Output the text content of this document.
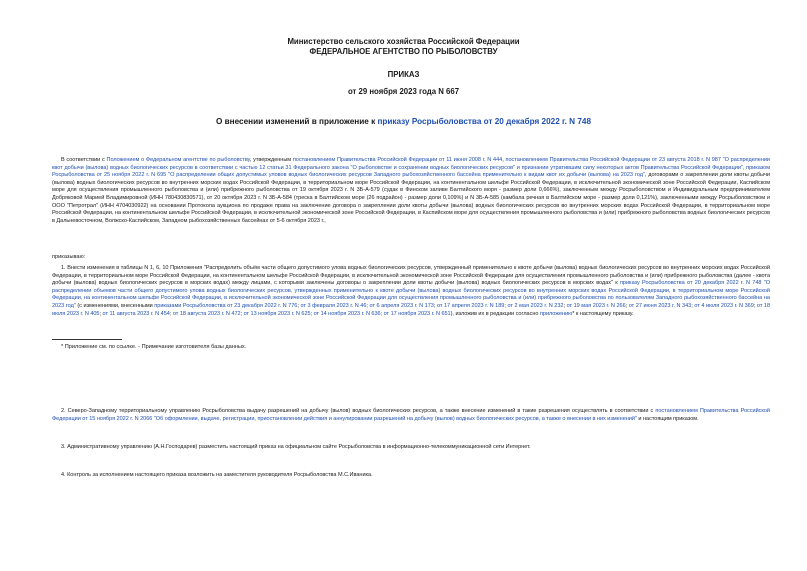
Министерство сельского хозяйства Российской Федерации
ФЕДЕРАЛЬНОЕ АГЕНТСТВО ПО РЫБОЛОВСТВУ
ПРИКАЗ
от 29 ноября 2023 года N 667
О внесении изменений в приложение к приказу Росрыболовства от 20 декабря 2022 г. N 748
В соответствии с Положением о Федеральном агентстве по рыболовству, утвержденным постановлением Правительства Российской Федерации от 11 июня 2008 г. N 444, постановлением Правительства Российской Федерации от 23 августа 2018 г. N 987 "О распределении квот добычи (вылова) водных биологических ресурсов в соответствии с частью 12 статьи 31 Федерального закона "О рыболовстве и сохранении водных биологических ресурсов" и признании утратившим силу некоторых актов Правительства Российской Федерации", приказом Росрыболовства от 25 ноября 2022 г. N 695 "О распределении общих допустимых уловов водных биологических ресурсов Западного рыбохозяйственного бассейна применительно к видам квот их добычи (вылова) на 2023 год", договорами о закреплении доли квоты добычи (вылова) водных биологических ресурсов во внутренних морских водах Российской Федерации, в территориальном море Российской Федерации, на континентальном шельфе Российской Федерации, в исключительной экономической зоне Российской Федерации, Каспийском море для осуществления промышленного рыболовства и (или) прибрежного рыболовства от 19 октября 2023 г. N 3Б-А-579 (судак в Финском заливе Балтийского моря - размер доли 0,666%), заключенным между Росрыболовством и Индивидуальным предпринимателем Добряковой Марией Владимировной (ИНН 780430830571), от 20 октября 2023 г. N 3Б-А-584 (треска в Балтийском море (26 подрайон) - размер доли 0,109%) и N 3Б-А-585 (камбала речная в Балтийском море - размер доли 0,121%), заключенными между Росрыболовством и ООО "Петротрал" (ИНН 4704030922) на основании Протокола аукциона по продаже права на заключение договора о закреплении доли квоты добычи (вылова) водных биологических ресурсов во внутренних морских водах Российской Федерации, в территориальном море Российской Федерации, на континентальном шельфе Российской Федерации, в исключительной экономической зоне Российской Федерации, в Каспийском море для осуществления промышленного рыболовства и (или) прибрежного рыболовства водных биологических ресурсов в Дальневосточном, Волжско-Каспийском, Западном рыбохозяйственных бассейнах от 5-6 октября 2023 г.,
приказываю:
1. Внести изменения в таблицы N 1, 6, 10 Приложения "Распределить объём части общего допустимого улова водных биологических ресурсов, утвержденный применительно к квоте добычи (вылова) водных биологических ресурсов во внутренних морских водах Российской Федерации, в территориальном море Российской Федерации, на континентальном шельфе Российской Федерации, в исключительной экономической зоне Российской Федерации для осуществления промышленного рыболовства и (или) прибрежного рыболовства (далее - квота добычи (вылова) водных биологических ресурсов в морских водах) между лицами, с которыми заключены договоры о закреплении доли квоты добычи (вылова) водных биологических ресурсов в морских водах" к приказу Росрыболовства от 20 декабря 2022 г. N 748 "О распределении объемов части общего допустимого улова водных биологических ресурсов, утвержденных применительно к квоте добычи (вылова) водных биологических ресурсов во внутренних морских водах Российской Федерации, в территориальном море Российской Федерации, на континентальном шельфе Российской Федерации, в исключительной экономической зоне Российской Федерации для осуществления промышленного рыболовства и (или) прибрежного рыболовства по пользователям Западного рыбохозяйственного бассейна на 2023 год" (с изменениями, внесенными приказами Росрыболовства от 23 декабря 2022 г. N 776; от 3 февраля 2023 г. N 46; от 6 апреля 2023 г. N 173; от 17 апреля 2023 г. N 189; от 2 мая 2023 г. N 232; от 19 мая 2023 г. N 266; от 27 июня 2023 г. N 343; от 4 июля 2023 г. N 369; от 18 июля 2023 г. N 405; от 11 августа 2023 г. N 454; от 18 августа 2023 г. N 472; от 13 ноября 2023 г. N 625; от 14 ноября 2023 г. N 636; от 17 ноября 2023 г. N 651), изложив их в редакции согласно приложению* к настоящему приказу.
* Приложение см. по ссылке. - Примечание изготовителя базы данных.
2. Северо-Западному территориальному управлению Росрыболовства выдачу разрешений на добычу (вылов) водных биологических ресурсов, а также внесение изменений в такие разрешения осуществлять в соответствии с постановлением Правительства Российской Федерации от 15 ноября 2022 г. N 2066 "Об оформлении, выдаче, регистрации, приостановлении действия и аннулировании разрешений на добычу (вылов) водных биологических ресурсов, а также о внесении в них изменений" и настоящим приказом.
3. Административному управлению (А.Н.Господарев) разместить настоящий приказ на официальном сайте Росрыболовства в информационно-телекоммуникационной сети Интернет.
4. Контроль за исполнением настоящего приказа возложить на заместителя руководителя Росрыболовства М.С.Иваника.
